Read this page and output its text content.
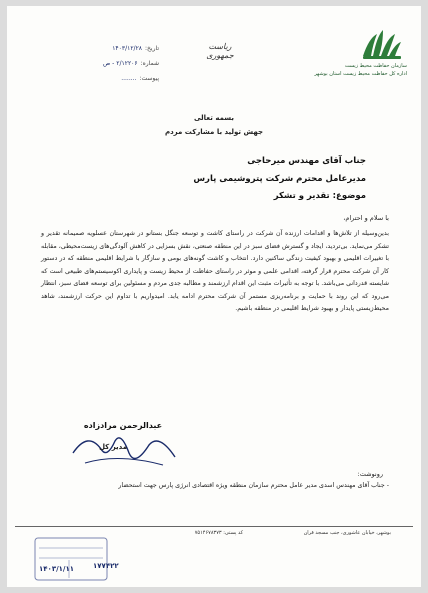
تاریخ:
۱۴۰۳/۱۲/۲۸
شماره:
۲/۱۲۲۰۶ - ص
پیوست:
........
ریاست جمهوری
سازمان حفاظت محیط زیست
اداره کل حفاظت محیط زیست استان بوشهر
بسمه تعالی
جهش تولید با مشارکت مردم
جناب آقای مهندس میرحاجی
مدیرعامل محترم شرکت پتروشیمی پارس
موضوع: تقدیر و تشکر
با سلام و احترام،
بدین‌وسیله از تلاش‌ها و اقدامات ارزنده آن شرکت در راستای کاشت و توسعه جنگل بستانو در شهرستان عسلویه صمیمانه تقدیر و تشکر می‌نماید. بی‌تردید، ایجاد و گسترش فضای سبز در این منطقه صنعتی، نقش بسزایی در کاهش آلودگی‌های زیست‌محیطی، مقابله با تغییرات اقلیمی و بهبود کیفیت زندگی ساکنین دارد. انتخاب و کاشت گونه‌های بومی و سازگار با شرایط اقلیمی منطقه که در دستور کار آن شرکت محترم قرار گرفته، اقدامی علمی و موثر در راستای حفاظت از محیط زیست و پایداری اکوسیستم‌های طبیعی است که شایسته قدردانی می‌باشد. با توجه به تأثیرات مثبت این اقدام ارزشمند و مطالبه جدی مردم و مسئولین برای توسعه فضای سبز، انتظار می‌رود که این روند با حمایت و برنامه‌ریزی مستمر آن شرکت محترم ادامه یابد. امیدواریم با تداوم این حرکت ارزشمند، شاهد محیط‌زیستی پایدار و بهبود شرایط اقلیمی در منطقه باشیم.
عبدالرحمن مرادزاده
مدیر کل
رونوشت:
- جناب آقای مهندس اسدی مدیر عامل محترم سازمان منطقه ویژه اقتصادی انرژی پارس جهت استحضار
بوشهر، خیابان عاشوری، جنب مسجد قران
کد پستی: ۷۵۱۴۶۷۸۳۷۳
۱۴۰۳/۱/۱۱	۱۷۷۴۲۲
